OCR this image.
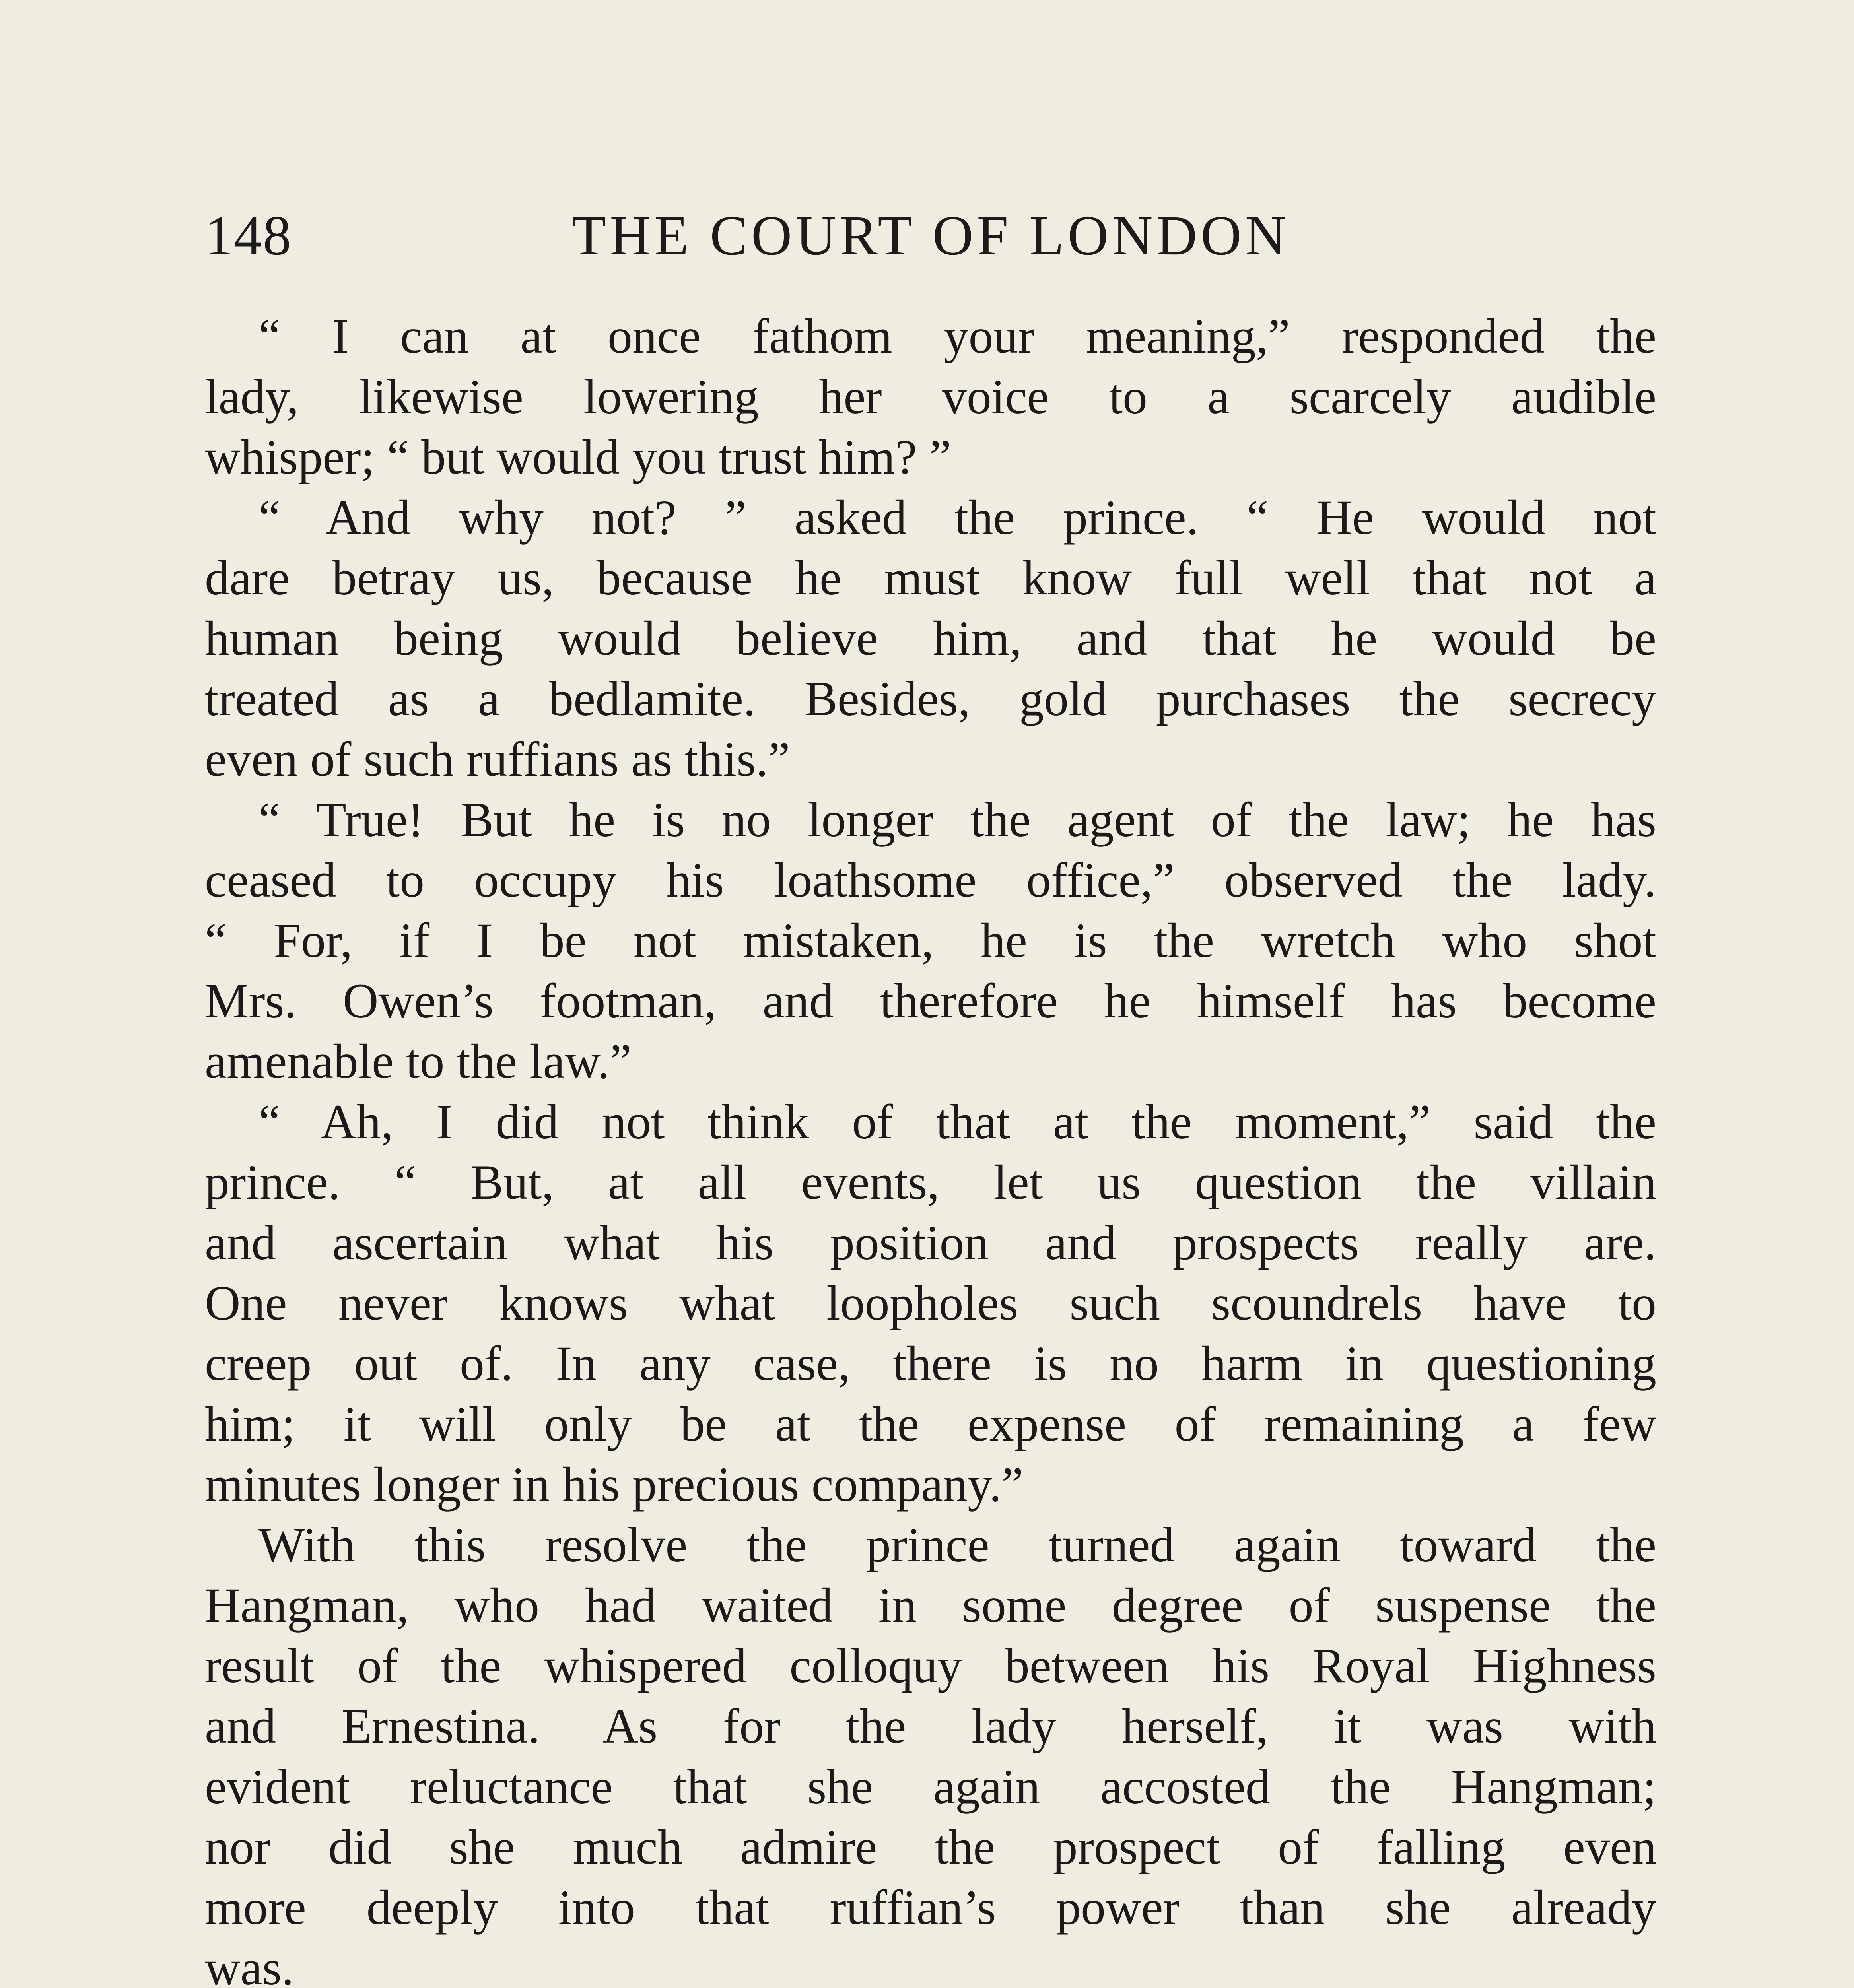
148	THE COURT OF LONDON
“ I can at once fathom your meaning,” responded the
lady, likewise lowering her voice to a scarcely audible
whisper; “ but would you trust him? ”
“ And why not? ” asked the prince. “ He would not
dare betray us, because he must know full well that not a
human being would believe him, and that he would be
treated as a bedlamite. Besides, gold purchases the secrecy
even of such ruffians as this.”
“ True! But he is no longer the agent of the law; he has
ceased to occupy his loathsome office,” observed the lady.
“ For, if I be not mistaken, he is the wretch who shot
Mrs. Owen’s footman, and therefore he himself has become
amenable to the law.”
“ Ah, I did not think of that at the moment,” said the
prince. “ But, at all events, let us question the villain
and ascertain what his position and prospects really are.
One never knows what loopholes such scoundrels have to
creep out of. In any case, there is no harm in questioning
him; it will only be at the expense of remaining a few
minutes longer in his precious company.”
With this resolve the prince turned again toward the
Hangman, who had waited in some degree of suspense the
result of the whispered colloquy between his Royal Highness
and Ernestina. As for the lady herself, it was with
evident reluctance that she again accosted the Hangman;
nor did she much admire the prospect of falling even
more deeply into that ruffian’s power than she already
was.
